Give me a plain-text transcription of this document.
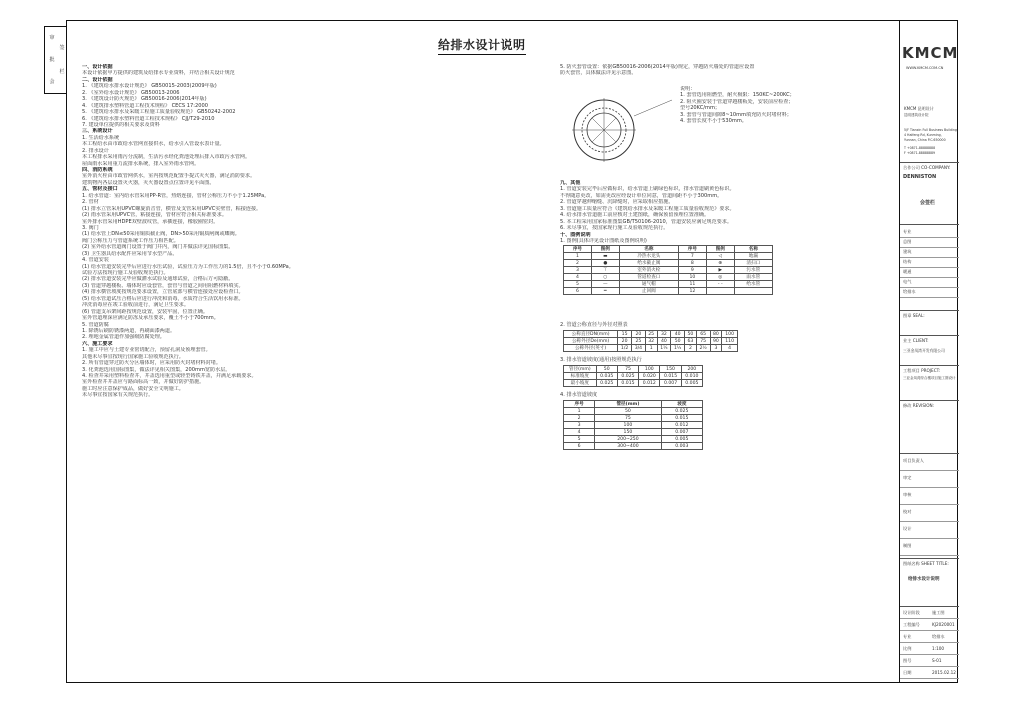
审
批
会
签
栏
给排水设计说明
一、设计依据
本设计依据甲方提供的建筑及给排水专业资料，并结合相关设计规范
二、设计依据
1. 《建筑给水排水设计规范》 GB50015-2003(2009年版)
2. 《室外给水设计规范》 GB50013-2006
3. 《建筑设计防火规范》 GB50016-2006(2014年版)
4. 《建筑排水塑料管道工程技术规程》 CECS 17:2000
5. 《建筑给水排水及采暖工程施工质量验收规范》 GB50242-2002
6. 《建筑给水排水塑料管道工程技术规程》 CJJ/T29-2010
7. 建设单位提供的相关要求及资料
三、系统设计
1. 生活给水系统
本工程给水由市政给水管网直接供水，给水引入管设水表计量。
2. 排水设计
本工程排水采用雨污分流制，生活污水经化粪池处理后排入市政污水管网。
屋面雨水采用重力流排水系统，排入室外雨水管网。
四、消防系统
室外消火栓由市政管网供水，室内按规范配置手提式灭火器，满足消防要求。
建筑物内各层设置灭火器，灭火器设置点位置详见平面图。
五、管材及接口
1. 给水管道：室内给水管采用PP-R管，热熔连接，管材公称压力不小于1.25MPa。
2. 管材
(1) 排水立管采用UPVC螺旋消音管，横管及支管采用UPVC实壁管，粘接连接。
(2) 雨水管采用UPVC管，粘接连接，管材应符合相关标准要求。
室外排水管采用HDPE双壁波纹管，承插连接，橡胶圈密封。
3. 阀门
(1) 给水管上DN≤50采用铜质截止阀，DN>50采用铜质闸阀或蝶阀。
阀门公称压力与管道系统工作压力相匹配。
(2) 室外给水管道阀门设置于阀门井内，阀门井做法详见国标图集。
(3) 卫生器具给水配件应采用节水型产品。
4. 管道安装
(1) 给水管道安装完毕后应进行水压试验，试验压力为工作压力的1.5倍，且不小于0.60MPa。
试验方法按现行施工及验收规范执行。
(2) 排水管道安装完毕应做灌水试验及通球试验，合格后方可隐蔽。
(3) 管道穿越楼板、墙体时应设套管，套管与管道之间用阻燃材料填实。
(4) 排水横管坡度按规范要求设置，立管底部与横管连接处应设检查口。
(5) 给水管道试压合格后应进行冲洗和消毒，水质符合生活饮用水标准。
冲洗消毒应在竣工验收前进行，满足卫生要求。
(6) 管道支吊架间距按规范设置，安装牢固，位置正确。
室外管道埋深应满足防冻及承压要求，覆土不小于700mm。
5. 管道防腐
1. 除锈后刷防锈漆两道，再刷面漆两道。
2. 埋地金属管道作加强级防腐处理。
六、施工要求
1. 施工中应与土建专业密切配合，预留孔洞及预埋套管。
其他未尽事宜按现行国家施工验收规范执行。
2. 所有管道穿过防火分区墙体时，应采用防火封堵材料封堵。
3. 化粪池选用国标图集，做法详见相关图集，200mm宽防水层。
4. 检查井采用塑料检查井，井盖选用重型或轻型铸铁井盖，并满足承载要求。
室外检查井井盖应与路面标高一致，并做好防护措施。
施工时应注意保护成品，做好安全文明施工。
未尽事宜按国家有关规范执行。
5. 防火套管设置：依据GB50016-2006(2014年版)规定，穿越防火墙处的管道应设置
防火套管，具体做法详见示意图。
说明：
1. 套管选用阻燃型，耐火极限：150KC~200KC；
2. 阻火圈安装于管道穿越楼板处，安装前应检查；
型号20KC/mm；
3. 套管与管道间隙8~10mm填充防火封堵材料；
4. 套管长度不小于530mm。
九、其他
1. 管道安装完毕后应做标识，给水管道上刷绿色标识，排水管道刷黄色标识。
不得随意更改，如需更改应经设计单位同意，管道间距不小于300mm。
2. 管道穿越伸缩缝、沉降缝时，应采取相应措施。
3. 管道施工质量应符合《建筑给水排水及采暖工程施工质量验收规范》要求。
4. 给水排水管道施工前应核对土建图纸，确保预留预埋位置准确。
5. 本工程采用国家标准图集GB/T50106-2010，管道安装应满足规范要求。
6. 未尽事宜，按国家现行施工及验收规范执行。
十、图例说明
1. 图例(具体详见设计图纸及图例说明)
序号	图例	名称	序号	图例	名称
1	▬	冷热水龙头	7	◁	地漏
2	●	给水截止阀	8	⊕	清扫口
3	⊤	室外消火栓	9	▶	污水管
4	○	管道检查口	10	◎	雨水管
5	—	通气帽	11	- -	给水管
6	═	止回阀	12		
2. 管道公称直径与外径对照表
公称直径DN(mm)	15	20	25	32	40	50	65	80	100
公称外径De(mm)	20	25	32	40	50	63	75	90	110
公称外径(英寸)	1/2	3/4	1	1¼	1½	2	2½	3	4
3. 排水管道坡度(通用)按照规范执行
管径(mm)	50	75	100	150	200
标准坡度	0.035	0.025	0.020	0.015	0.010
最小坡度	0.025	0.015	0.012	0.007	0.005
4. 排水管道坡度
序号	管径(mm)	坡度
1	50	0.025
2	75	0.015
3	100	0.012
4	150	0.007
5	200~250	0.005
6	300~400	0.003
WWW.KMCM.COM.CN
KMCM 昆明设计
昆明建筑设计院
5/F Tianxin Full Business Building,
4 Haifeng Rd, Kunming,
Yunnan, China P.C.650000
T +0871-88888888
F +0871-88888889
合作公司 CO-COMPANY:
DENNISTON
会签栏
专业
总图
建筑
结构
暖通
电气
给排水
图章 SEAL:
业主 CLIENT:
三亚金凤湾开发有限公司
工程项目 PROJECT:
三亚金凤湾综合楼项目施工图设计
修改 REVISION:
项目负责人
审定
审核
校对
设计
制图
图纸名称 SHEET TITLE:
给排水设计说明
设计阶段	施工图
工程编号	KJ2020001
专业	给排水
比例	1:100
图号	S-01
日期	2015.02.12
KMCM
